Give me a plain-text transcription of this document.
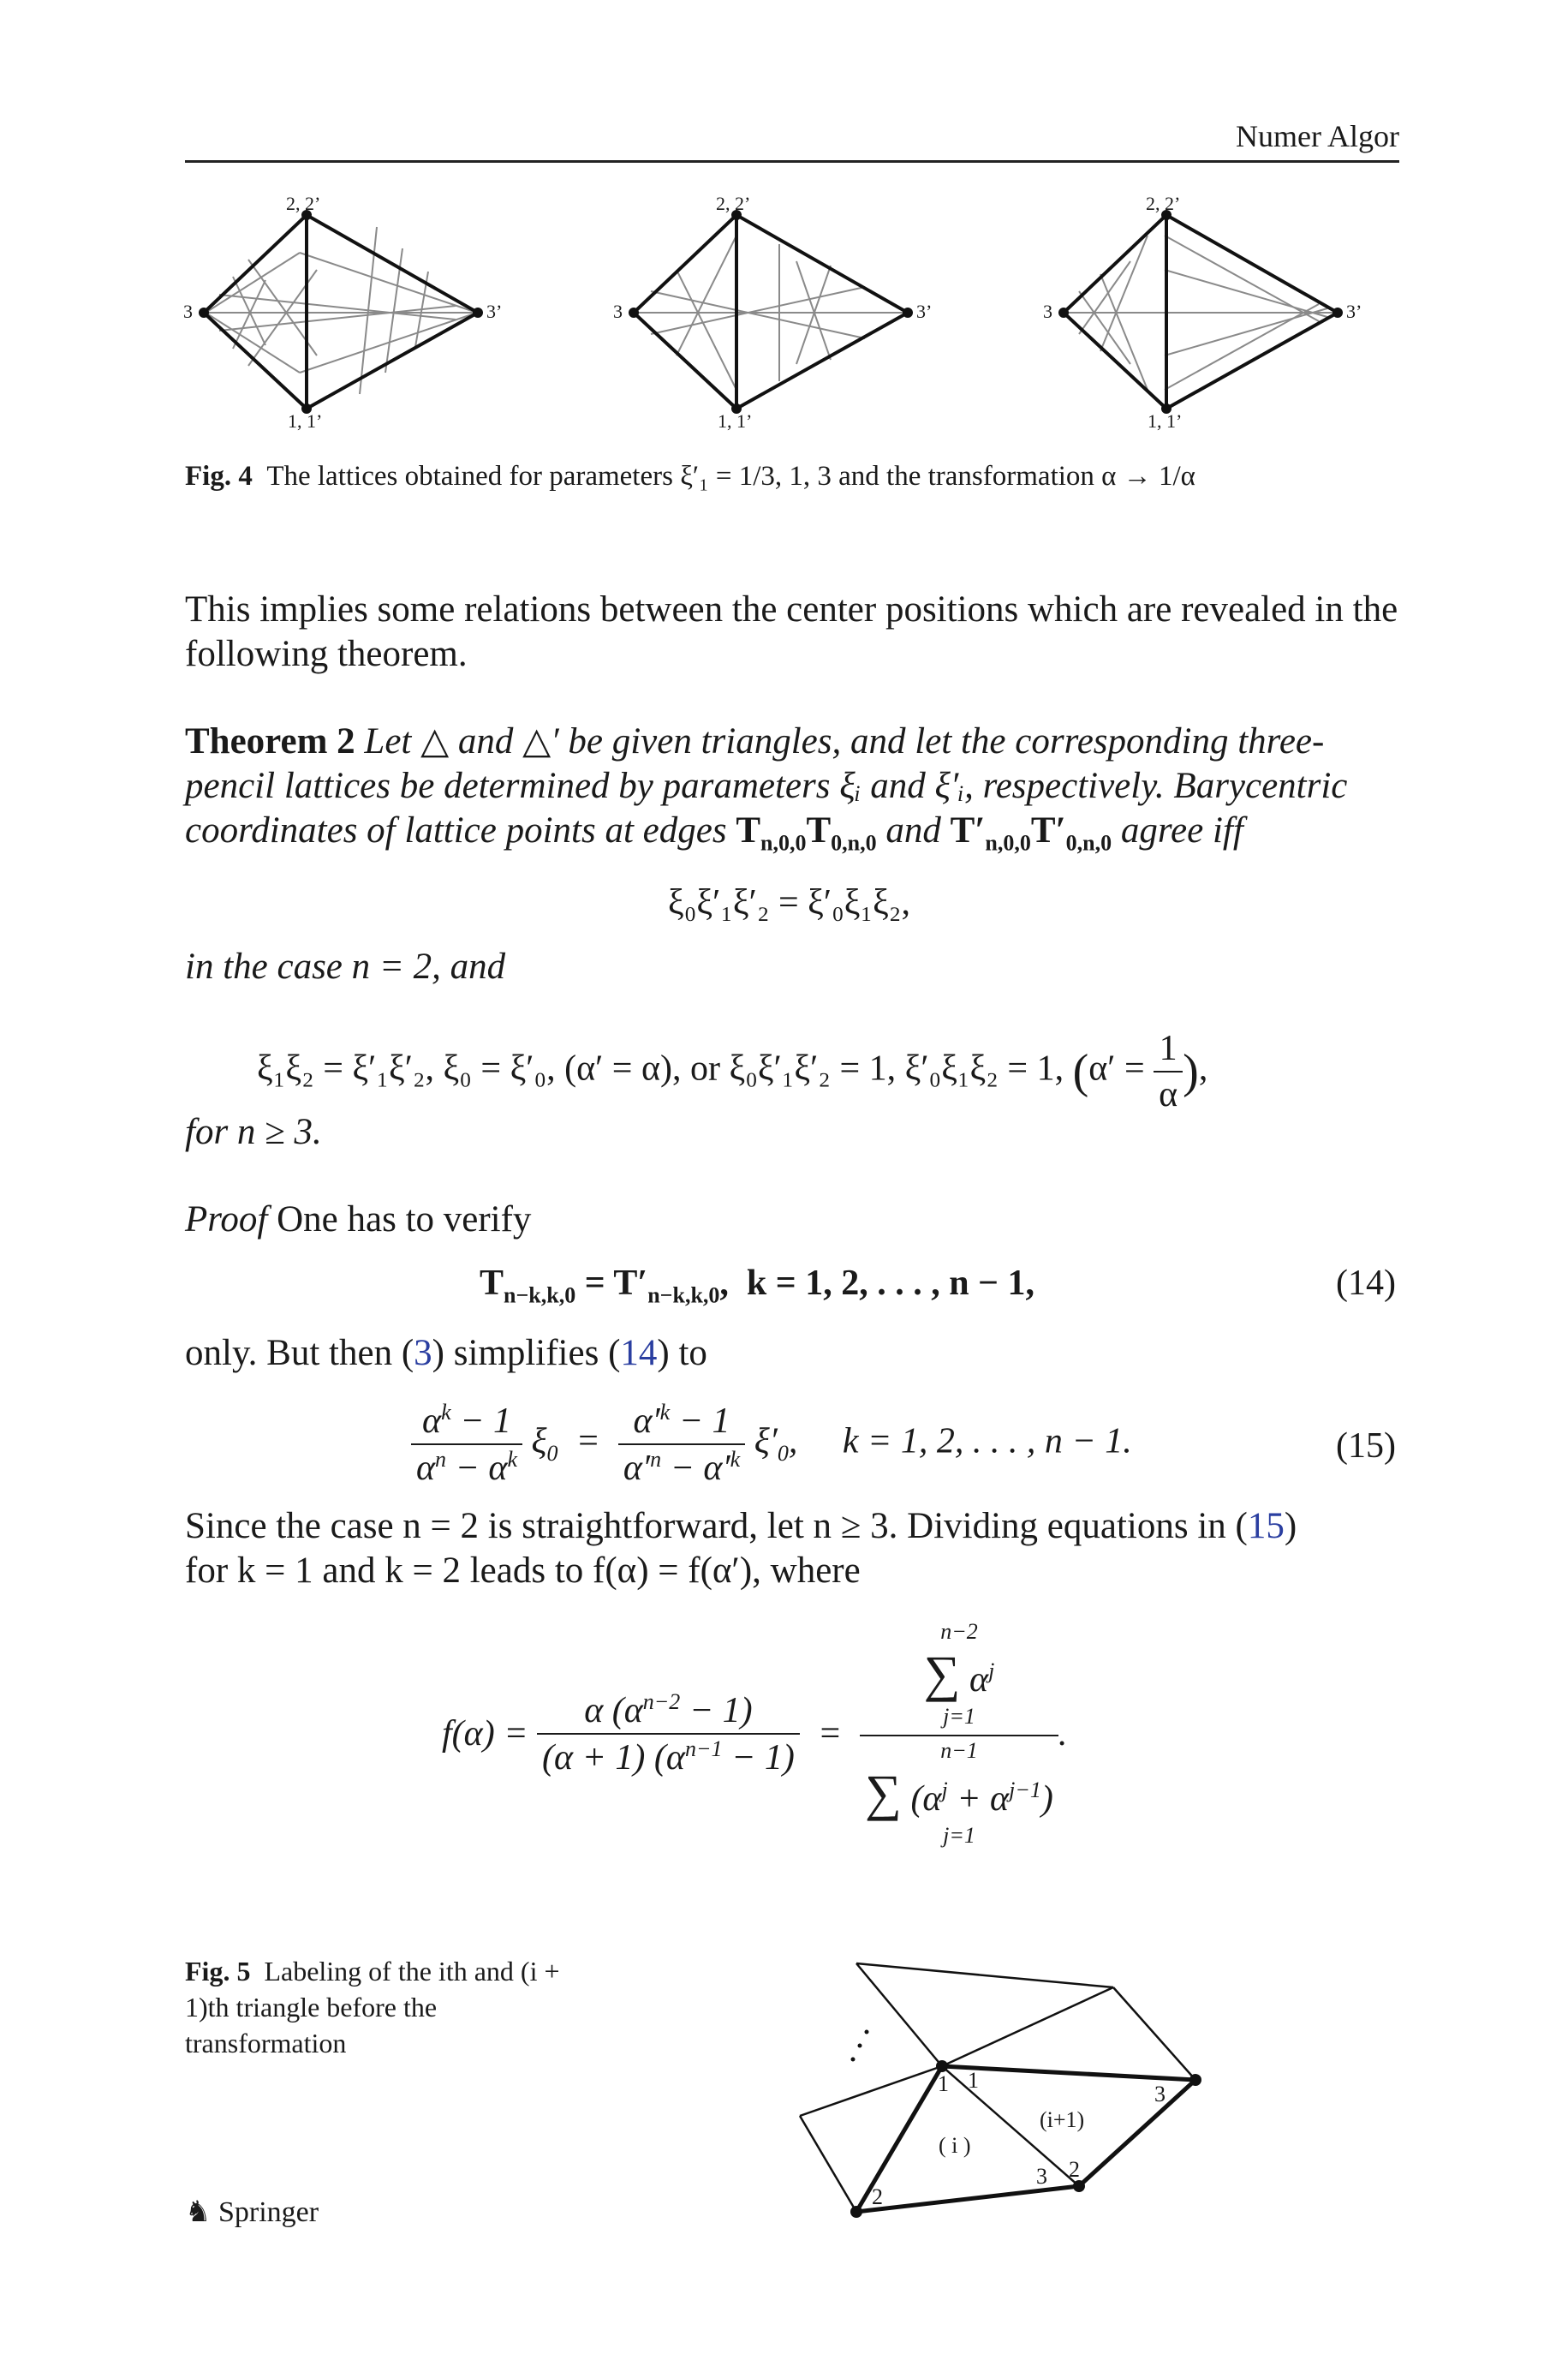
Numer Algor
2, 2’
3	3’
1, 1’
2, 2’
3	3’
1, 1’
2, 2’
3	3’
1, 1’
Fig. 4 The lattices obtained for parameters ξ′₁ = 1/3, 1, 3 and the transformation α → 1/α
This implies some relations between the center positions which are revealed in the following theorem.
Theorem 2 Let △ and △′ be given triangles, and let the corresponding three-
pencil lattices be determined by parameters ξᵢ and ξ′ᵢ, respectively. Barycentric
coordinates of lattice points at edges $T_{n,0,0}T_{0,n,0}$ and $T'_{n,0,0}T'_{0,n,0}$ agree iff
ξ₀ξ′₁ξ′₂ = ξ′₀ξ₁ξ₂,
in the case n = 2, and
ξ₁ξ₂ = ξ′₁ξ′₂, ξ₀ = ξ′₀, (α′ = α), or ξ₀ξ′₁ξ′₂ = 1, ξ′₀ξ₁ξ₂ = 1, ($\alpha' = \frac{1}{\alpha}$ ),
for n ≥ 3.
Proof One has to verify
$T_{n-k,k,0} = T'_{n-k,k,0}$, k = 1, 2, . . . , n − 1,	(14)
only. But then (3) simplifies (14) to
$\frac{\alpha^k - 1}{\alpha^n - \alpha^k} \xi_0 = \frac{\alpha'^k - 1}{\alpha'^n - \alpha'^k} \xi'_0$,     k = 1, 2, . . . , n − 1.	(15)
Since the case n = 2 is straightforward, let n ≥ 3. Dividing equations in (15)
for k = 1 and k = 2 leads to f(α) = f(α′), where
$f(\alpha) = \frac{\alpha (\alpha^{n-2} - 1)}{(\alpha + 1) (\alpha^{n-1} - 1)} = n-2$
∑ $\alpha^j$
j=1
n−1
∑ $(\alpha^j + \alpha^{j-1})$
j=1 .
Fig. 5 Labeling of the ith and (i + 1)th triangle before the transformation
1 1
2
2
3
3
( i )
(i+1)
♞ Springer
